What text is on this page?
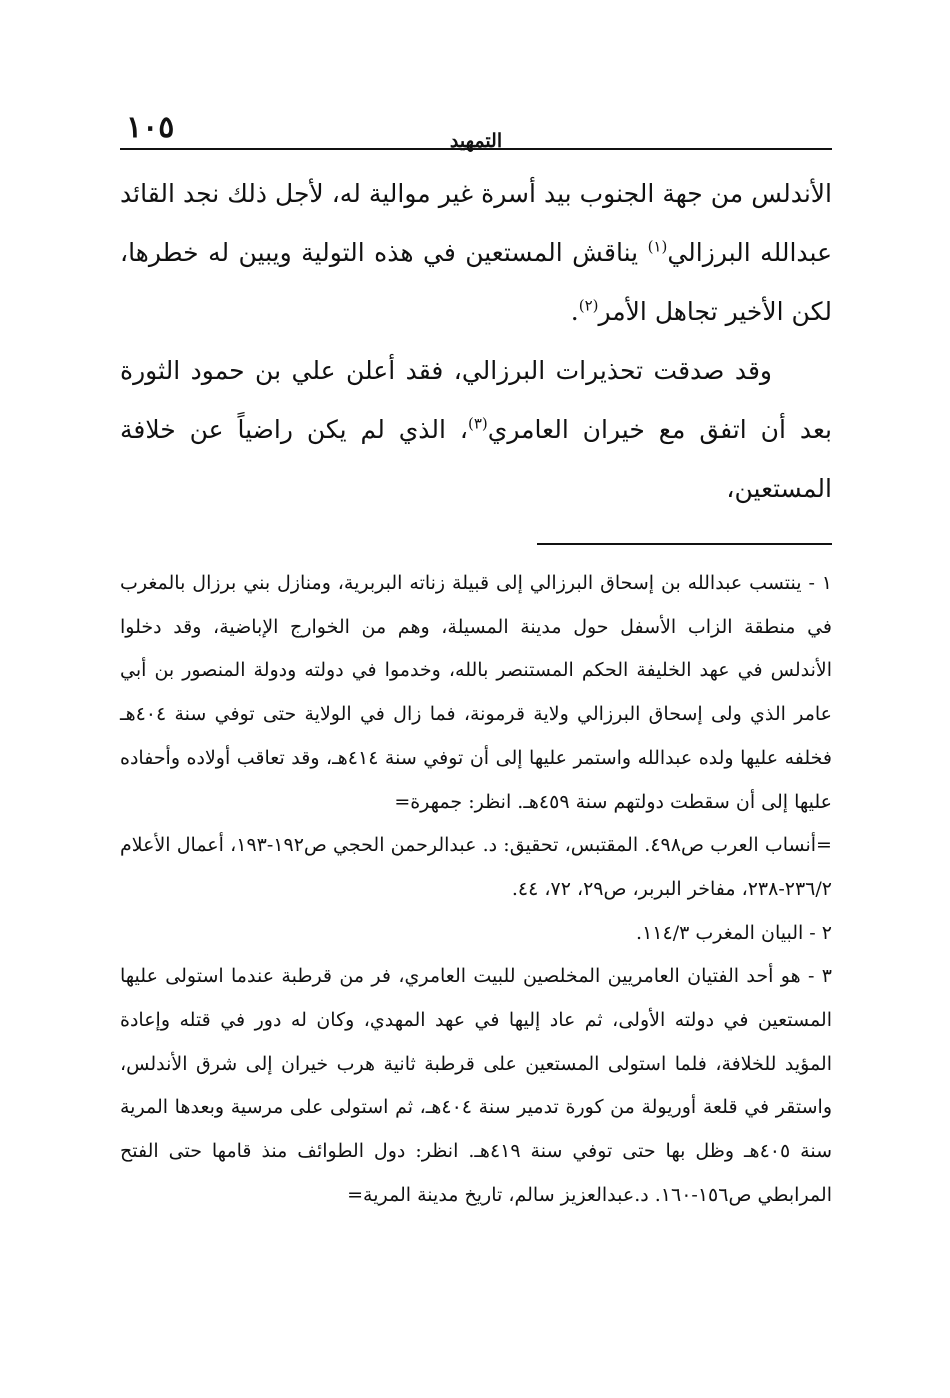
١٠٥	التمهيد

الأندلس من جهة الجنوب بيد أسرة غير موالية له، لأجل ذلك نجد القائد عبدالله البرزالي$^{(١)}$ يناقش المستعين في هذه التولية ويبين له خطرها، لكن الأخير تجاهل الأمر$^{(٢)}$.

وقد صدقت تحذيرات البرزالي، فقد أعلن علي بن حمود الثورة بعد أن اتفق مع خيران العامري$^{(٣)}$، الذي لم يكن راضياً عن خلافة المستعين،

١ - ينتسب عبدالله بن إسحاق البرزالي إلى قبيلة زناته البربرية، ومنازل بني برزال بالمغرب في منطقة الزاب الأسفل حول مدينة المسيلة، وهم من الخوارج الإباضية، وقد دخلوا الأندلس في عهد الخليفة الحكم المستنصر بالله، وخدموا في دولته ودولة المنصور بن أبي عامر الذي ولى إسحاق البرزالي ولاية قرمونة، فما زال في الولاية حتى توفي سنة ٤٠٤هـ فخلفه عليها ولده عبدالله واستمر عليها إلى أن توفي سنة ٤١٤هـ، وقد تعاقب أولاده وأحفاده عليها إلى أن سقطت دولتهم سنة ٤٥٩هـ. انظر: جمهرة=

=أنساب العرب ص٤٩٨. المقتبس، تحقيق: د. عبدالرحمن الحجي ص١٩٢-١٩٣، أعمال الأعلام ٢٣٦/٢-٢٣٨، مفاخر البربر، ص٢٩، ٧٢، ٤٤.

٢ - البيان المغرب ١١٤/٣.

٣ - هو أحد الفتيان العامريين المخلصين للبيت العامري، فر من قرطبة عندما استولى عليها المستعين في دولته الأولى، ثم عاد إليها في عهد المهدي، وكان له دور في قتله وإعادة المؤيد للخلافة، فلما استولى المستعين على قرطبة ثانية هرب خيران إلى شرق الأندلس، واستقر في قلعة أوريولة من كورة تدمير سنة ٤٠٤هـ، ثم استولى على مرسية وبعدها المرية سنة ٤٠٥هـ وظل بها حتى توفي سنة ٤١٩هـ. انظر: دول الطوائف منذ قامها حتى الفتح المرابطي ص١٥٦-١٦٠. د.عبدالعزيز سالم، تاريخ مدينة المرية=
